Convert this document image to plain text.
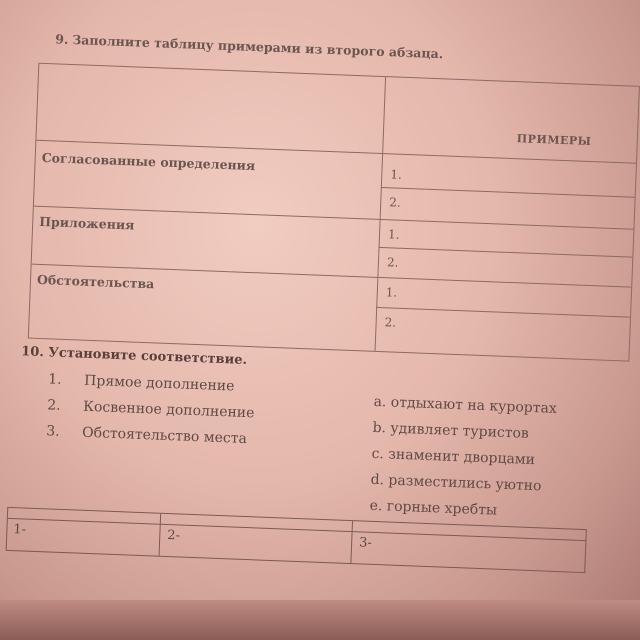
9. Заполните таблицу примерами из второго абзаца.
ПРИМЕРЫ
Согласованные определения
1.
2.
Приложения
1.
2.
Обстоятельства
1.
2.
10. Установите соответствие.
1. Прямое дополнение
2. Косвенное дополнение
3. Обстоятельство места
a. отдыхают на курортах
b. удивляет туристов
c. знаменит дворцами
d. разместились уютно
e. горные хребты
1-	2-	3-
